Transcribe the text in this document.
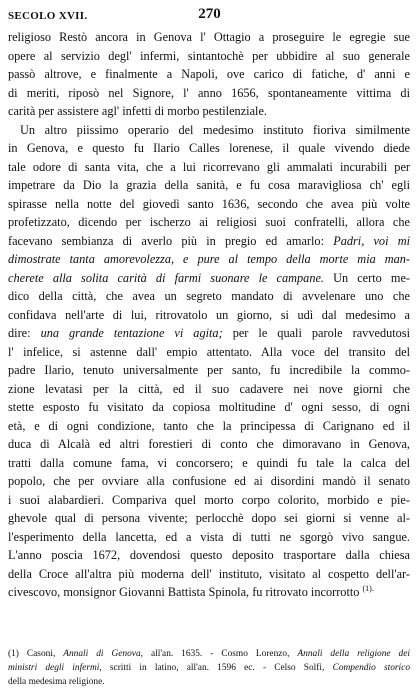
SECOLO XVII.	270
religioso Restò ancora in Genova l' Ottagio a proseguire le egregie sue
opere al servizio degl' infermi, sintantochè per ubbidire al suo generale
passò altrove, e finalmente a Napoli, ove carico di fatiche, d' anni e
di meriti, riposò nel Signore, l' anno 1656, spontaneamente vittima di
carità per assistere agl' infetti di morbo pestilenziale.
Un altro piissimo operario del medesimo instituto fioriva similmente
in Genova, e questo fu Ilario Calles lorenese, il quale vivendo diede
tale odore di santa vita, che a lui ricorrevano gli ammalati incurabili per
impetrare da Dio la grazia della sanità, e fu cosa maravigliosa ch' egli
spirasse nella notte del giovedì santo 1636, secondo che avea più volte
profetizzato, dicendo per ischerzo ai religiosi suoi confratelli, allora che
facevano sembianza di averlo più in pregio ed amarlo: Padri, voi mi
dimostrate tanta amorevolezza, e pure al tempo della morte mia man-
cherete alla solita carità di farmi suonare le campane. Un certo me-
dico della città, che avea un segreto mandato di avvelenare uno che
confidava nell'arte di lui, ritrovatolo un giorno, si udì dal medesimo a
dire: una grande tentazione vi agita; per le quali parole ravvedutosi
l' infelice, si astenne dall' empio attentato. Alla voce del transito del
padre Ilario, tenuto universalmente per santo, fu incredibile la commo-
zione levatasi per la città, ed il suo cadavere nei nove giorni che
stette esposto fu visitato da copiosa moltitudine d' ogni sesso, di ogni
età, e di ogni condizione, tanto che la principessa di Carignano ed il
duca di Alcalà ed altri forestieri di conto che dimoravano in Genova,
tratti dalla comune fama, vi concorsero; e quindi fu tale la calca del
popolo, che per ovviare alla confusione ed ai disordini mandò il senato
i suoi alabardieri. Compariva quel morto corpo colorito, morbido e pie-
ghevole qual di persona vivente; perlocchè dopo sei giorni si venne al-
l'esperimento della lancetta, ed a vista di tutti ne sgorgò vivo sangue.
L'anno poscia 1672, dovendosi questo deposito trasportare dalla chiesa
della Croce all'altra più moderna dell' instituto, visitato al cospetto dell'ar-
civescovo, monsignor Giovanni Battista Spinola, fu ritrovato incorrotto $^{(1).}$
(1) Casoni, Annali di Genova, all'an. 1635. - Cosmo Lorenzo, Annali della religione dei
ministri degli infermi, scritti in latino, all'an. 1596 ec. - Celso Solfi, Compendio storico
della medesima religione.
